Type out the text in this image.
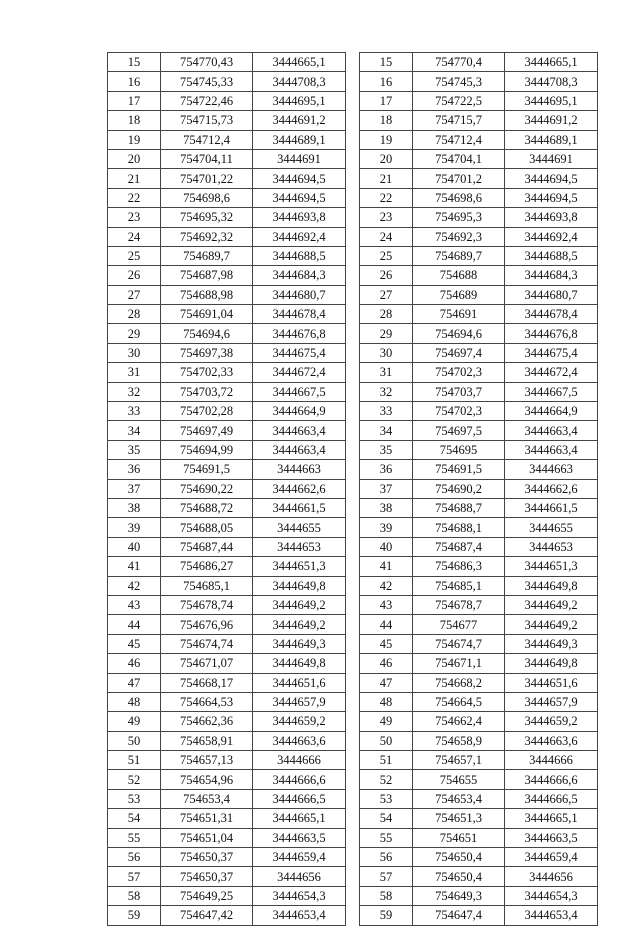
15	754770,43	3444665,1		15	754770,4	3444665,1
16	754745,33	3444708,3		16	754745,3	3444708,3
17	754722,46	3444695,1		17	754722,5	3444695,1
18	754715,73	3444691,2		18	754715,7	3444691,2
19	754712,4	3444689,1		19	754712,4	3444689,1
20	754704,11	3444691		20	754704,1	3444691
21	754701,22	3444694,5		21	754701,2	3444694,5
22	754698,6	3444694,5		22	754698,6	3444694,5
23	754695,32	3444693,8		23	754695,3	3444693,8
24	754692,32	3444692,4		24	754692,3	3444692,4
25	754689,7	3444688,5		25	754689,7	3444688,5
26	754687,98	3444684,3		26	754688	3444684,3
27	754688,98	3444680,7		27	754689	3444680,7
28	754691,04	3444678,4		28	754691	3444678,4
29	754694,6	3444676,8		29	754694,6	3444676,8
30	754697,38	3444675,4		30	754697,4	3444675,4
31	754702,33	3444672,4		31	754702,3	3444672,4
32	754703,72	3444667,5		32	754703,7	3444667,5
33	754702,28	3444664,9		33	754702,3	3444664,9
34	754697,49	3444663,4		34	754697,5	3444663,4
35	754694,99	3444663,4		35	754695	3444663,4
36	754691,5	3444663		36	754691,5	3444663
37	754690,22	3444662,6		37	754690,2	3444662,6
38	754688,72	3444661,5		38	754688,7	3444661,5
39	754688,05	3444655		39	754688,1	3444655
40	754687,44	3444653		40	754687,4	3444653
41	754686,27	3444651,3		41	754686,3	3444651,3
42	754685,1	3444649,8		42	754685,1	3444649,8
43	754678,74	3444649,2		43	754678,7	3444649,2
44	754676,96	3444649,2		44	754677	3444649,2
45	754674,74	3444649,3		45	754674,7	3444649,3
46	754671,07	3444649,8		46	754671,1	3444649,8
47	754668,17	3444651,6		47	754668,2	3444651,6
48	754664,53	3444657,9		48	754664,5	3444657,9
49	754662,36	3444659,2		49	754662,4	3444659,2
50	754658,91	3444663,6		50	754658,9	3444663,6
51	754657,13	3444666		51	754657,1	3444666
52	754654,96	3444666,6		52	754655	3444666,6
53	754653,4	3444666,5		53	754653,4	3444666,5
54	754651,31	3444665,1		54	754651,3	3444665,1
55	754651,04	3444663,5		55	754651	3444663,5
56	754650,37	3444659,4		56	754650,4	3444659,4
57	754650,37	3444656		57	754650,4	3444656
58	754649,25	3444654,3		58	754649,3	3444654,3
59	754647,42	3444653,4		59	754647,4	3444653,4
